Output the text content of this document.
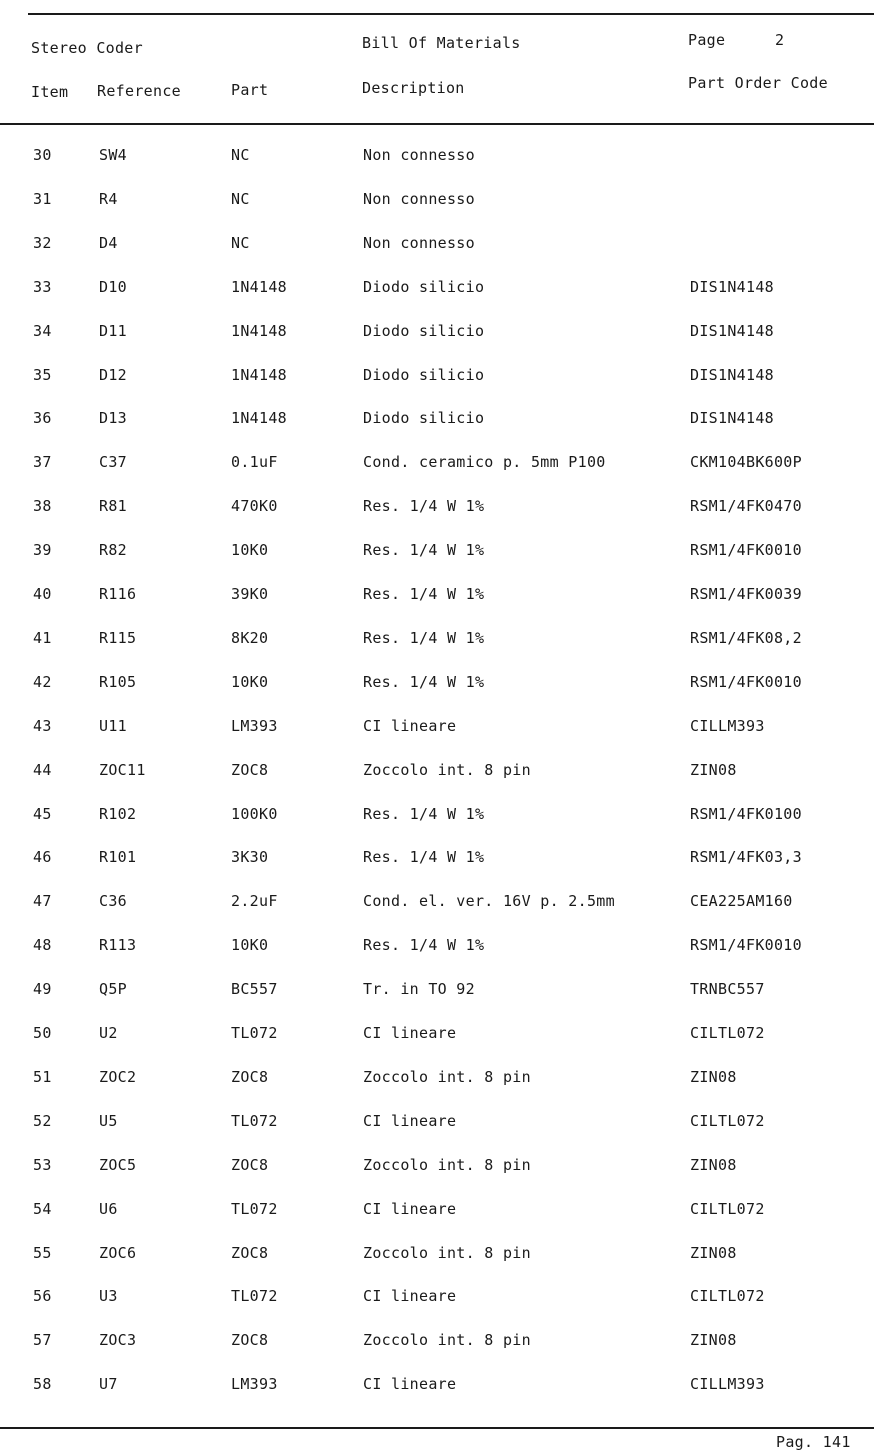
Stereo Coder	Bill Of Materials	Page	2
Item Reference	Part	Description	Part Order Code
30	SW4	NC	Non connesso
31	R4	NC	Non connesso
32	D4	NC	Non connesso
33	D10	1N4148	Diodo silicio	DIS1N4148
34	D11	1N4148	Diodo silicio	DIS1N4148
35	D12	1N4148	Diodo silicio	DIS1N4148
36	D13	1N4148	Diodo silicio	DIS1N4148
37	C37	0.1uF	Cond. ceramico p. 5mm P100	CKM104BK600P
38	R81	470K0	Res. 1/4 W 1%	RSM1/4FK0470
39	R82	10K0	Res. 1/4 W 1%	RSM1/4FK0010
40	R116	39K0	Res. 1/4 W 1%	RSM1/4FK0039
41	R115	8K20	Res. 1/4 W 1%	RSM1/4FK08,2
42	R105	10K0	Res. 1/4 W 1%	RSM1/4FK0010
43	U11	LM393	CI lineare	CILLM393
44	ZOC11	ZOC8	Zoccolo int. 8 pin	ZIN08
45	R102	100K0	Res. 1/4 W 1%	RSM1/4FK0100
46	R101	3K30	Res. 1/4 W 1%	RSM1/4FK03,3
47	C36	2.2uF	Cond. el. ver. 16V p. 2.5mm	CEA225AM160
48	R113	10K0	Res. 1/4 W 1%	RSM1/4FK0010
49	Q5P	BC557	Tr. in TO 92	TRNBC557
50	U2	TL072	CI lineare	CILTL072
51	ZOC2	ZOC8	Zoccolo int. 8 pin	ZIN08
52	U5	TL072	CI lineare	CILTL072
53	ZOC5	ZOC8	Zoccolo int. 8 pin	ZIN08
54	U6	TL072	CI lineare	CILTL072
55	ZOC6	ZOC8	Zoccolo int. 8 pin	ZIN08
56	U3	TL072	CI lineare	CILTL072
57	ZOC3	ZOC8	Zoccolo int. 8 pin	ZIN08
58	U7	LM393	CI lineare	CILLM393
Pag. 141
